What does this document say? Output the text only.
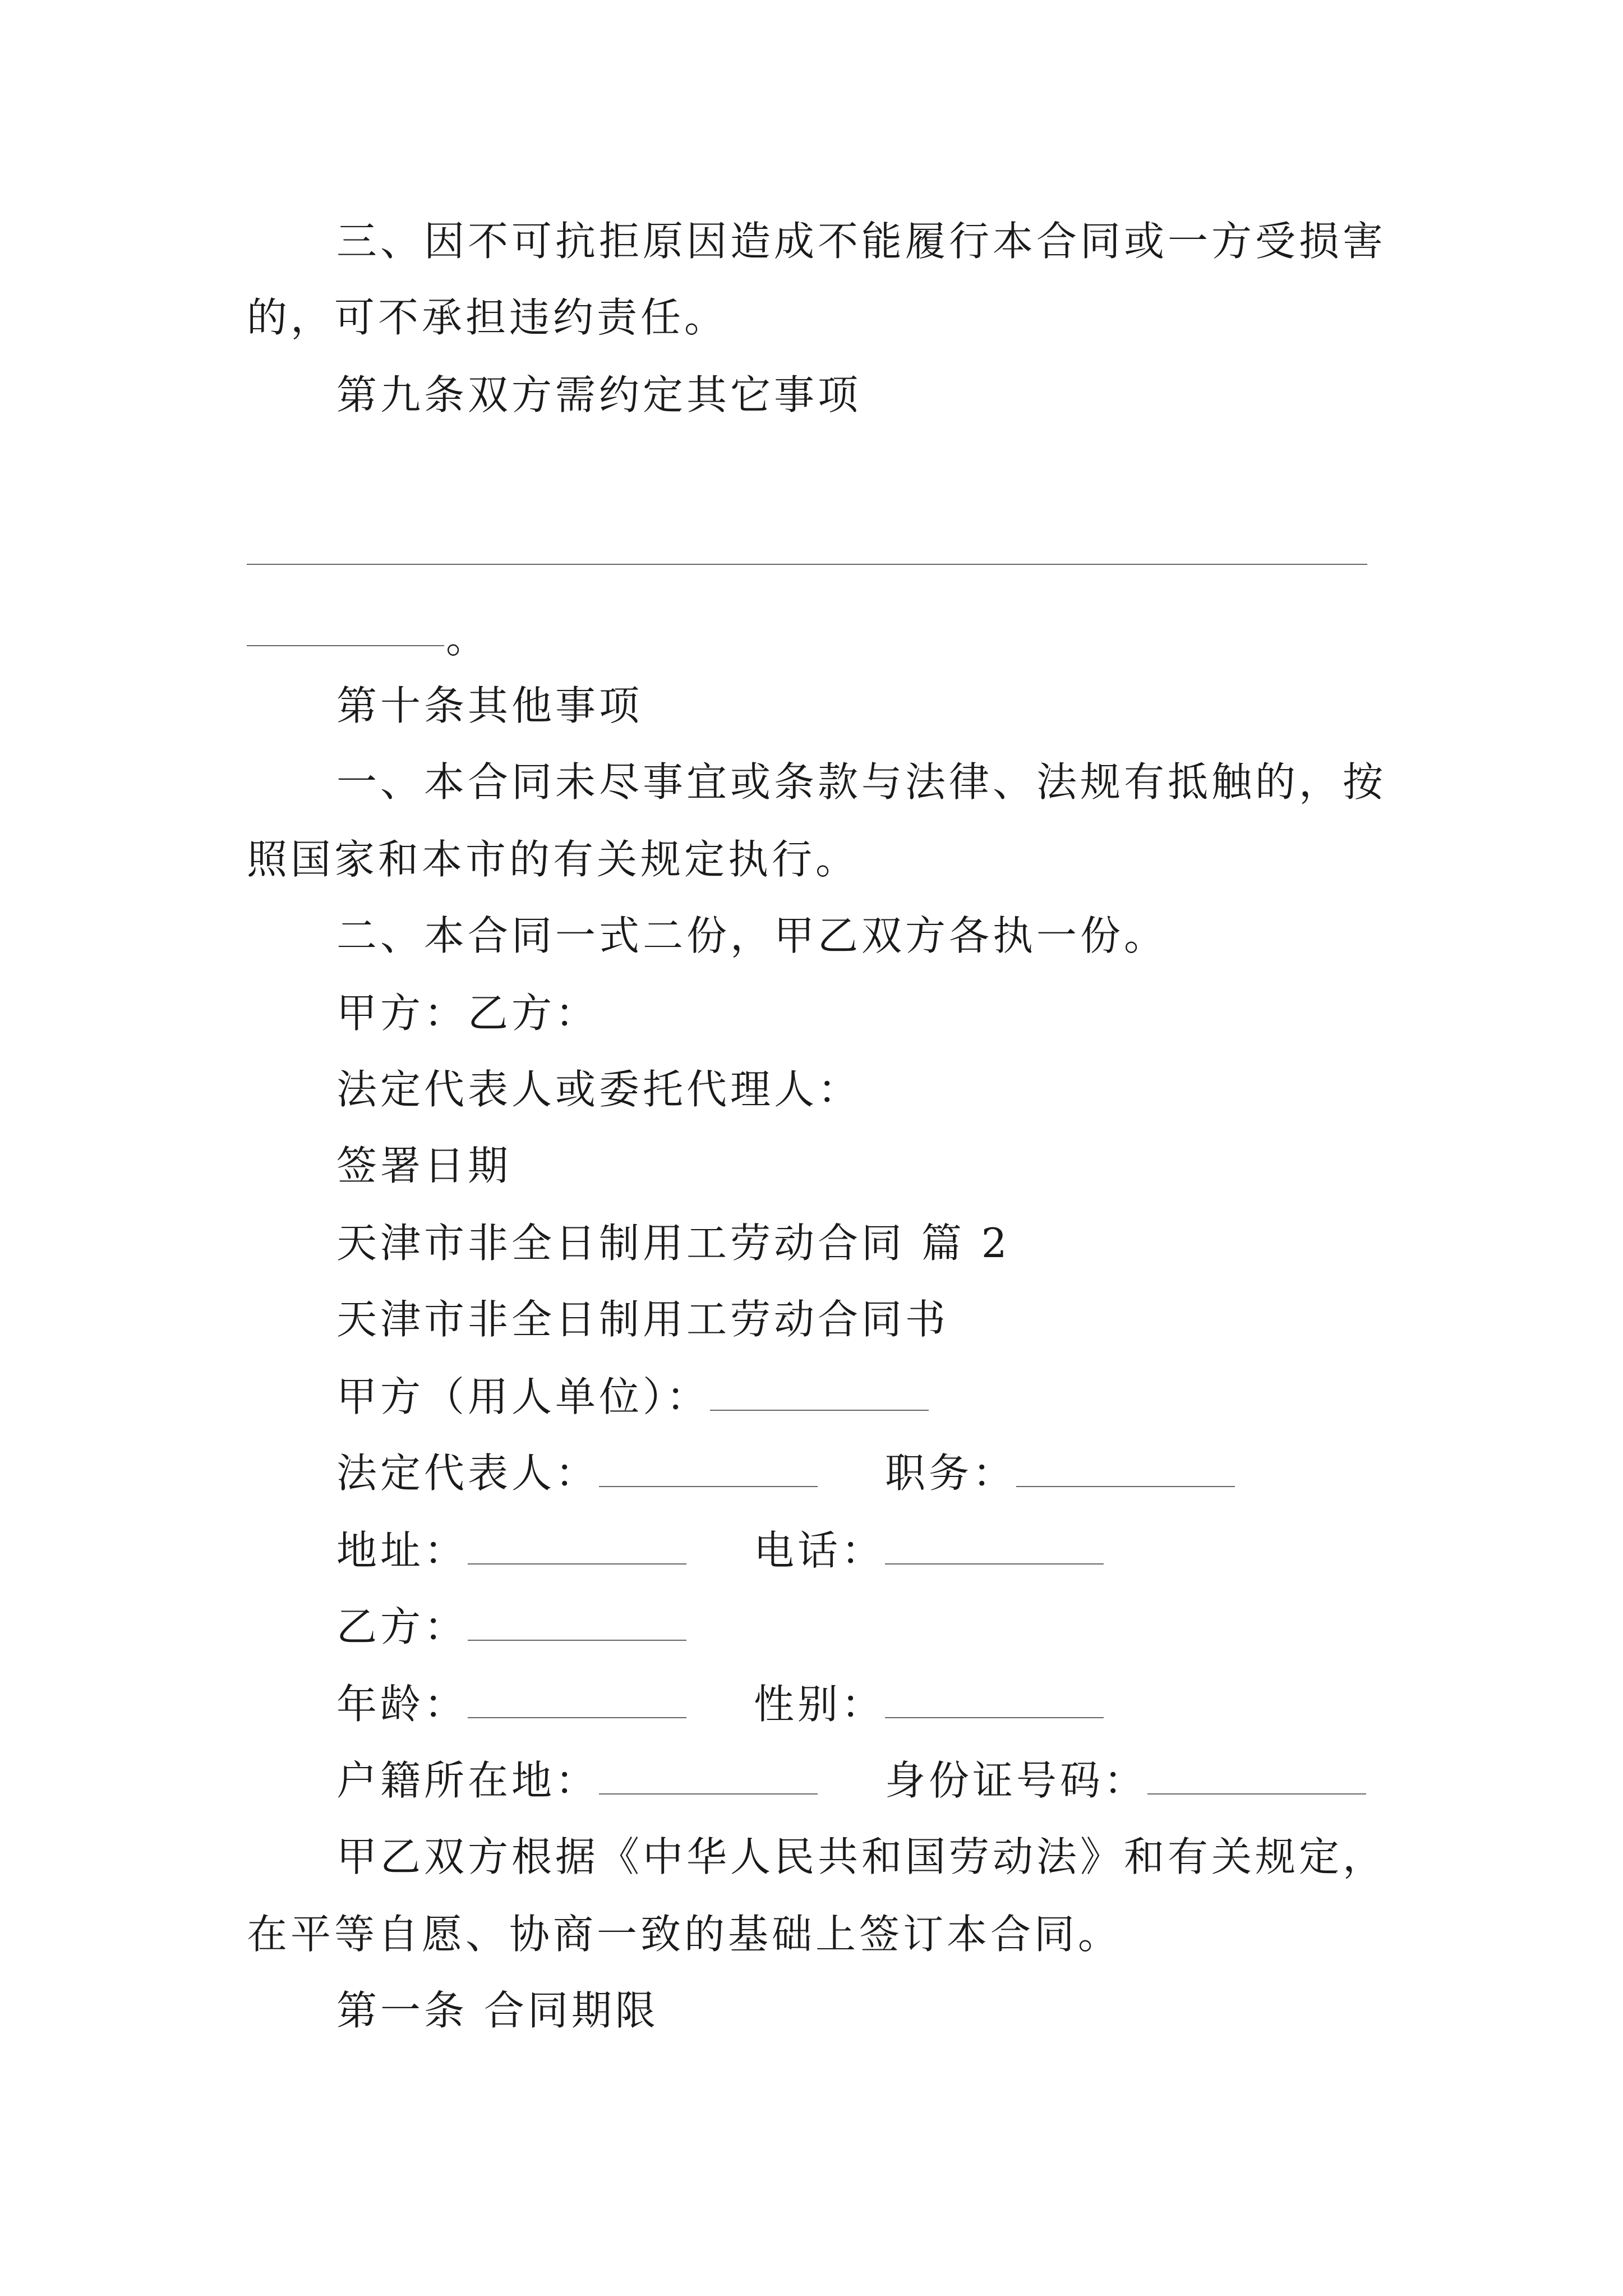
三、因不可抗拒原因造成不能履行本合同或一方受损害
的，可不承担违约责任。
第九条双方需约定其它事项
。
第十条其他事项
一、本合同未尽事宜或条款与法律、法规有抵触的，按
照国家和本市的有关规定执行。
二、本合同一式二份，甲乙双方各执一份。
甲方：乙方：
法定代表人或委托代理人：
签署日期
天津市非全日制用工劳动合同 篇 2
天津市非全日制用工劳动合同书
甲方（用人单位）：
法定代表人：	职务：
地址：	电话：
乙方：
年龄：	性别：
户籍所在地：	身份证号码：
甲乙双方根据《中华人民共和国劳动法》和有关规定，
在平等自愿、协商一致的基础上签订本合同。
第一条 合同期限
